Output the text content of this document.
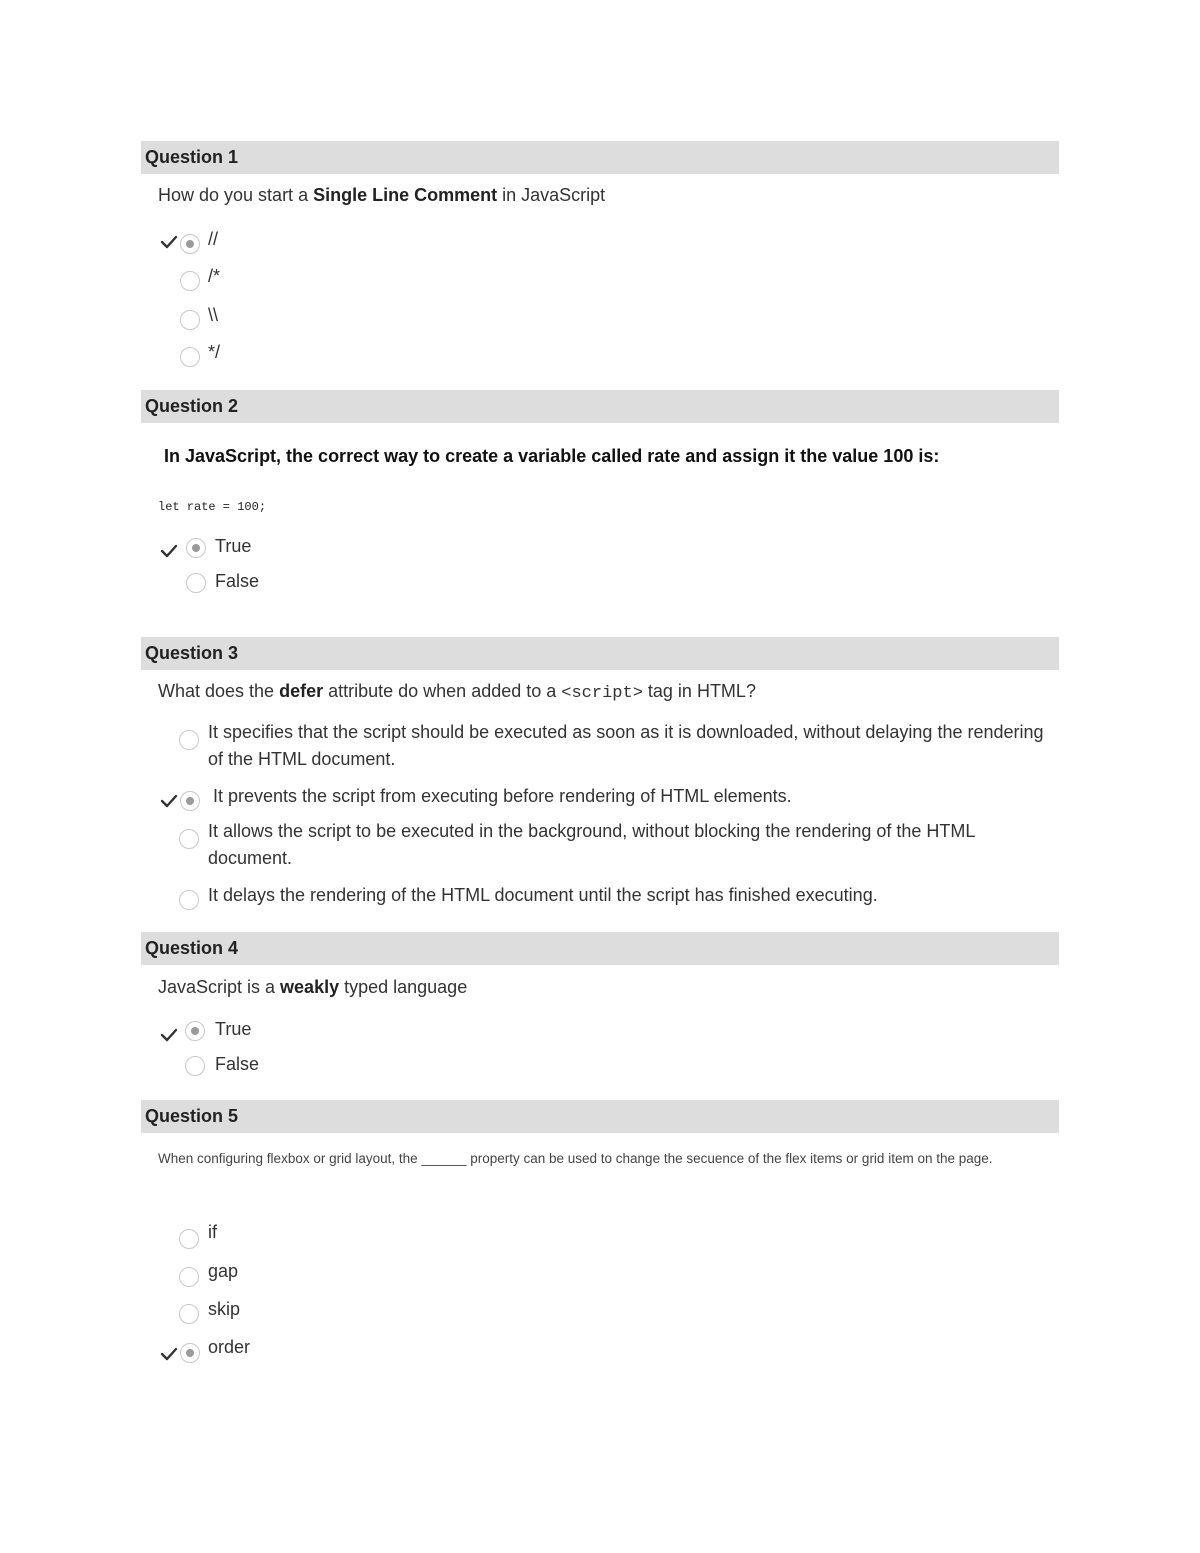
Question 1
How do you start a Single Line Comment in JavaScript
//
/*
\\
*/
Question 2
In JavaScript, the correct way to create a variable called rate and assign it the value 100 is:
let rate = 100;
True
False
Question 3
What does the defer attribute do when added to a <script> tag in HTML?
It specifies that the script should be executed as soon as it is downloaded, without delaying the rendering of the HTML document.
It prevents the script from executing before rendering of HTML elements.
It allows the script to be executed in the background, without blocking the rendering of the HTML document.
It delays the rendering of the HTML document until the script has finished executing.
Question 4
JavaScript is a weakly typed language
True
False
Question 5
When configuring flexbox or grid layout, the ______ property can be used to change the secuence of the flex items or grid item on the page.
if
gap
skip
order
